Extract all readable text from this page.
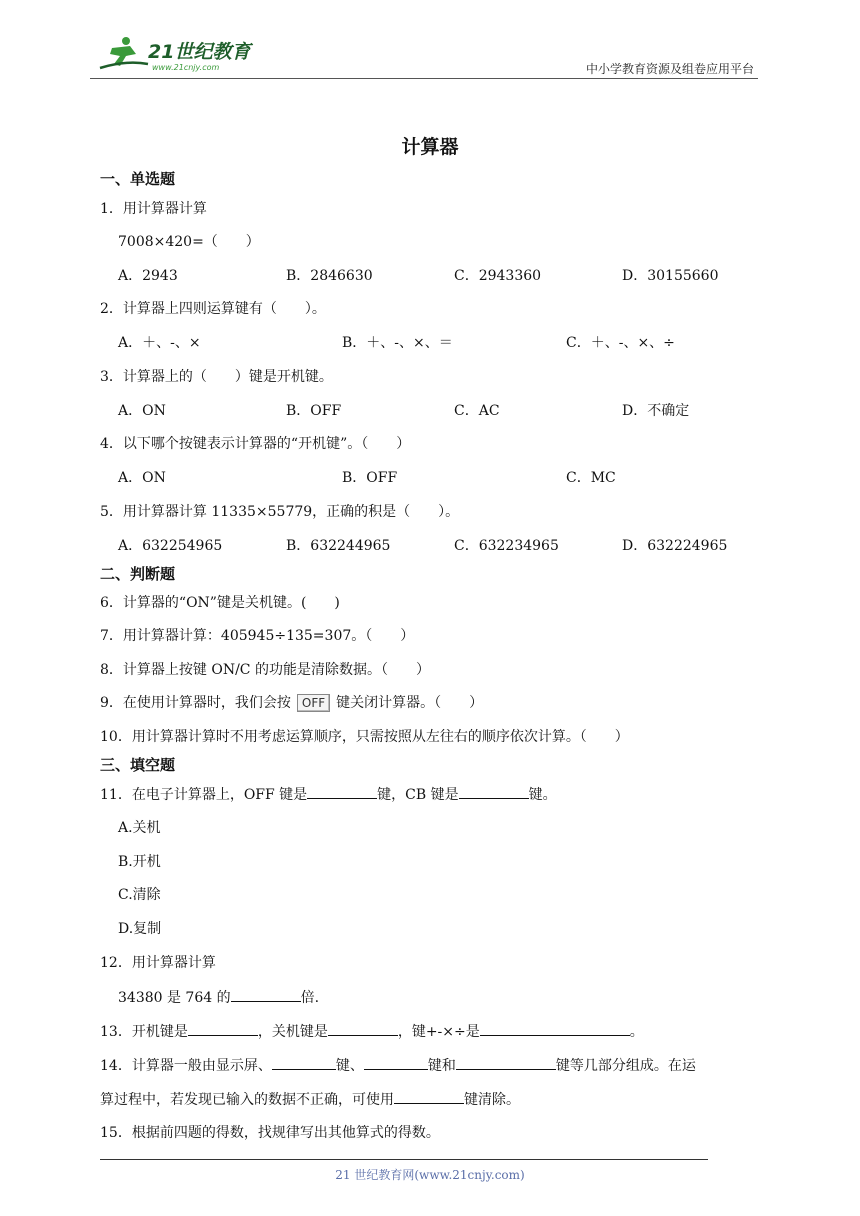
21世纪教育
www.21cnjy.com	中小学教育资源及组卷应用平台
计算器
一、单选题
1．用计算器计算
7008×420=（　　）
A．2943	B．2846630	C．2943360	D．30155660
2．计算器上四则运算键有（　　）。
A．＋、-、×	B．＋、-、×、＝	C．＋、-、×、÷
3．计算器上的（　　）键是开机键。
A．ON	B．OFF	C．AC	D．不确定
4．以下哪个按键表示计算器的“开机键”。（　　）
A．ON	B．OFF	C．MC
5．用计算器计算 11335×55779，正确的积是（　　）。
A．632254965	B．632244965	C．632234965	D．632224965
二、判断题
6．计算器的“ON”键是关机键。(　　)
7．用计算器计算：405945÷135=307。（　　）
8．计算器上按键 ON/C 的功能是清除数据。（　　）
9．在使用计算器时，我们会按 OFF 键关闭计算器。（　　）
10．用计算器计算时不用考虑运算顺序，只需按照从左往右的顺序依次计算。（　　）
三、填空题
11．在电子计算器上，OFF 键是	键，CB 键是	键。
A.关机
B.开机
C.清除
D.复制
12．用计算器计算
34380 是 764 的	倍.
13．开机键是	，关机键是	，键+-×÷是	。
14．计算器一般由显示屏、	键、	键和	键等几部分组成。在运
算过程中，若发现已输入的数据不正确，可使用	键清除。
15．根据前四题的得数，找规律写出其他算式的得数。
21 世纪教育网(www.21cnjy.com)
